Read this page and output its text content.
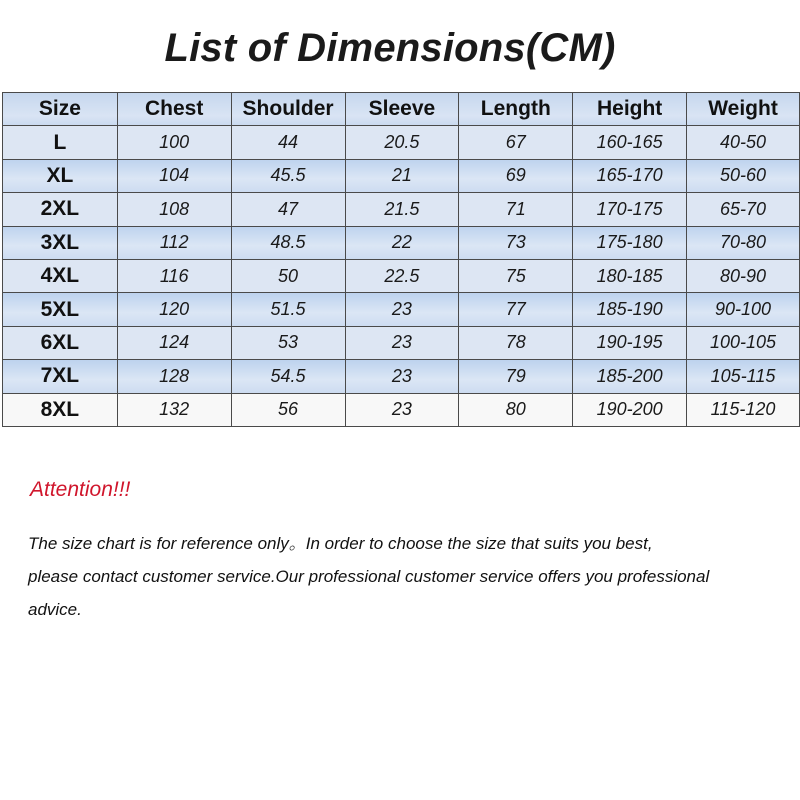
List of Dimensions(CM)
Size	Chest	Shoulder	Sleeve	Length	Height	Weight
L	100	44	20.5	67	160-165	40-50
XL	104	45.5	21	69	165-170	50-60
2XL	108	47	21.5	71	170-175	65-70
3XL	112	48.5	22	73	175-180	70-80
4XL	116	50	22.5	75	180-185	80-90
5XL	120	51.5	23	77	185-190	90-100
6XL	124	53	23	78	190-195	100-105
7XL	128	54.5	23	79	185-200	105-115
8XL	132	56	23	80	190-200	115-120
Attention!!!
The size chart is for reference only。In order to choose the size that suits you best,
please contact customer service.Our professional customer service offers you professional
advice.
